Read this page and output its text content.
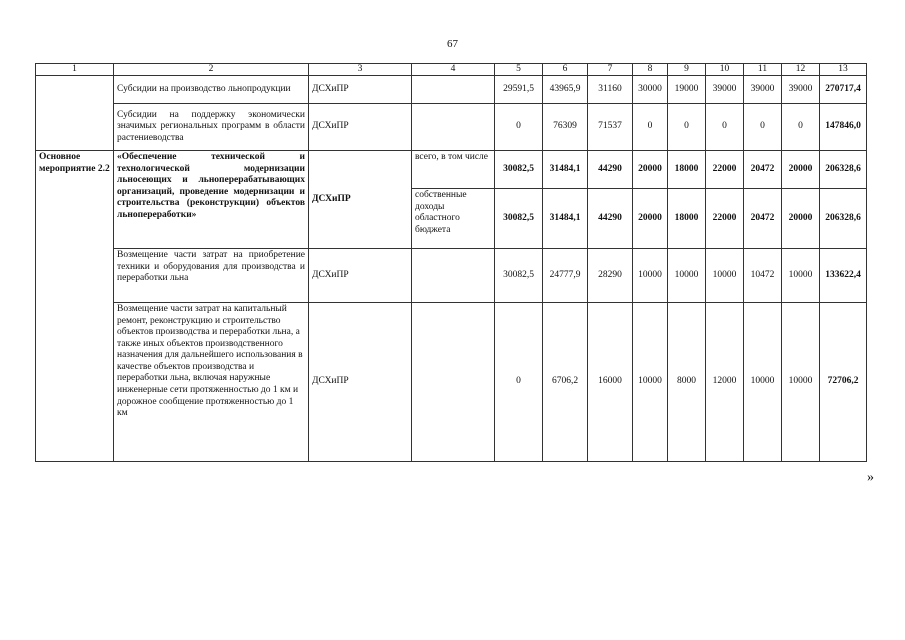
67
1	2	3	4	5	6	7	8	9	10	11	12	13
	Субсидии на производство льнопродукции	ДСХиПР		29591,5	43965,9	31160	30000	19000	39000	39000	39000	270717,4
	Субсидии на поддержку экономически значимых региональных программ в области растениеводства	ДСХиПР		0	76309	71537	0	0	0	0	0	147846,0
Основное мероприятие 2.2	«Обеспечение технической и технологической модернизации льносеющих и льноперерабатывающих организаций, проведение модернизации и строительства (реконструкции) объектов льнопереработки»	ДСХиПР	всего, в том числе	30082,5	31484,1	44290	20000	18000	22000	20472	20000	206328,6
			собственные доходы областного бюджета	30082,5	31484,1	44290	20000	18000	22000	20472	20000	206328,6
	Возмещение части затрат на приобретение техники и оборудования для производства и переработки льна	ДСХиПР		30082,5	24777,9	28290	10000	10000	10000	10472	10000	133622,4
	Возмещение части затрат на капитальный ремонт, реконструкцию и строительство объектов производства и переработки льна, а также иных объектов производственного назначения для дальнейшего использования в качестве объектов производства и переработки льна, включая наружные инженерные сети протяженностью до 1 км и дорожное сообщение протяженностью до 1 км	ДСХиПР		0	6706,2	16000	10000	8000	12000	10000	10000	72706,2
»
